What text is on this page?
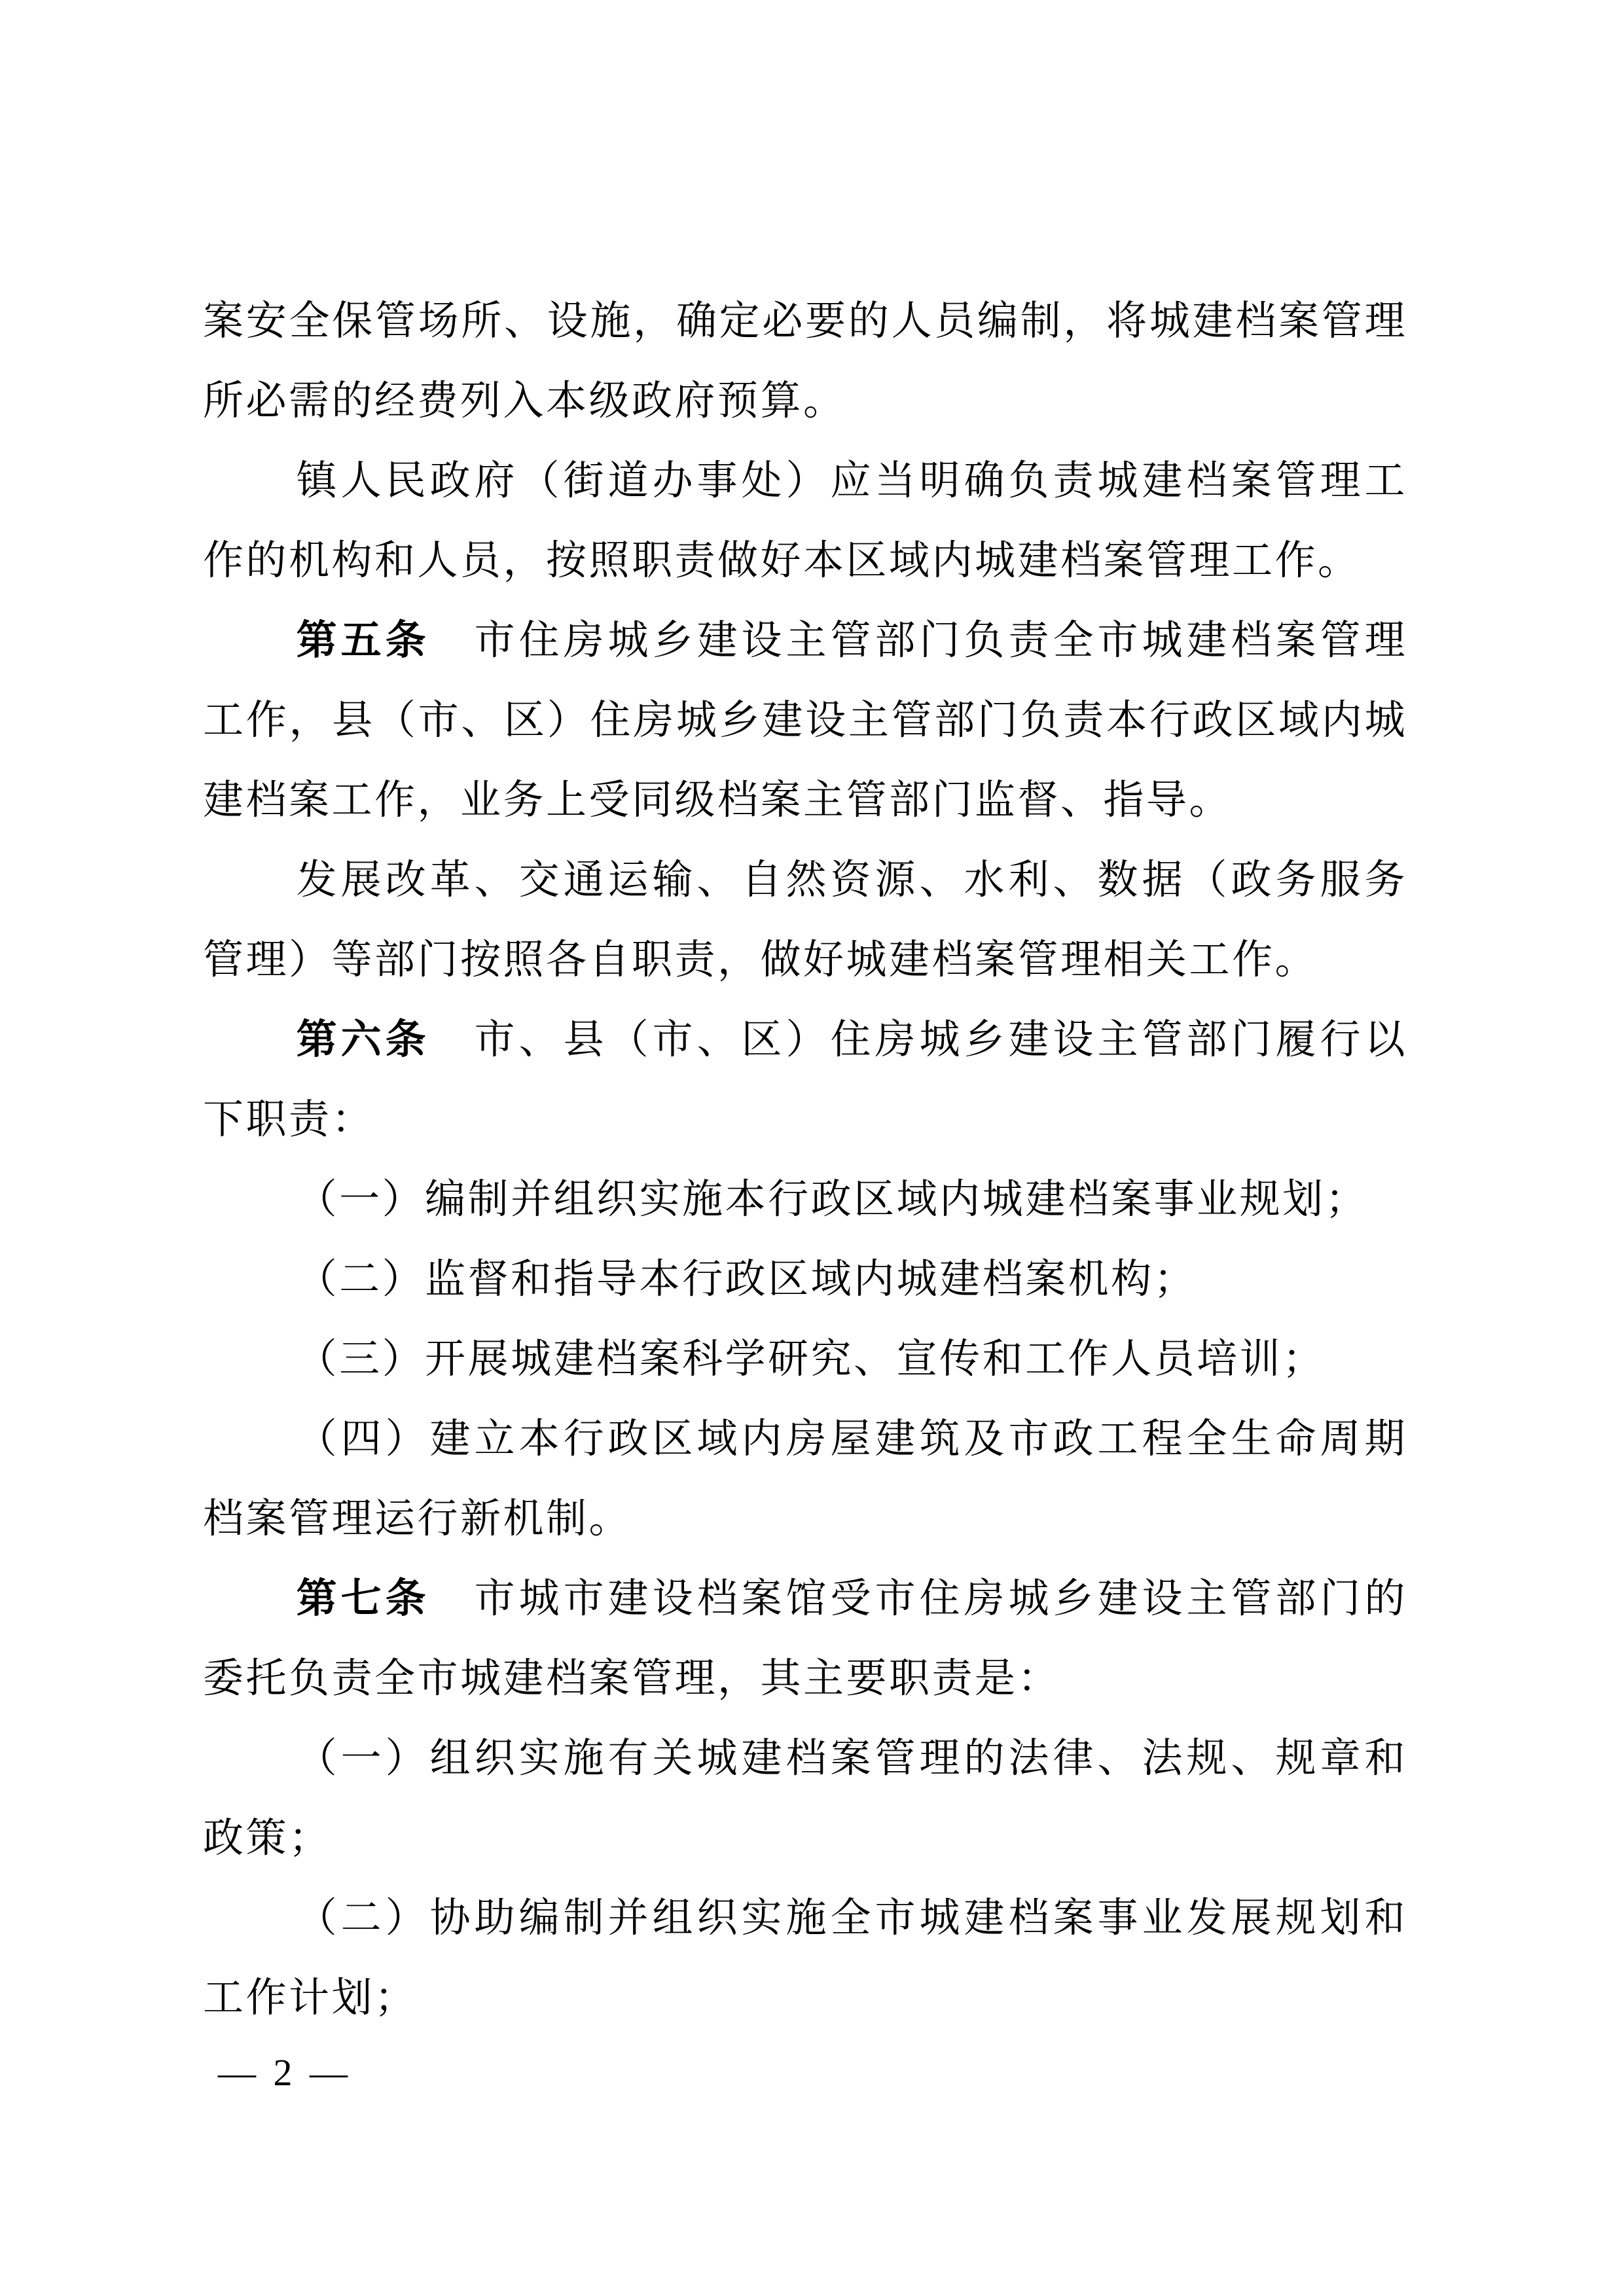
案安全保管场所、设施，确定必要的人员编制，将城建档案管理所必需的经费列入本级政府预算。

镇人民政府（街道办事处）应当明确负责城建档案管理工作的机构和人员，按照职责做好本区域内城建档案管理工作。

第五条　市住房城乡建设主管部门负责全市城建档案管理工作，县（市、区）住房城乡建设主管部门负责本行政区域内城建档案工作，业务上受同级档案主管部门监督、指导。

发展改革、交通运输、自然资源、水利、数据（政务服务管理）等部门按照各自职责，做好城建档案管理相关工作。

第六条　市、县（市、区）住房城乡建设主管部门履行以下职责：

（一）编制并组织实施本行政区域内城建档案事业规划；

（二）监督和指导本行政区域内城建档案机构；

（三）开展城建档案科学研究、宣传和工作人员培训；

（四）建立本行政区域内房屋建筑及市政工程全生命周期档案管理运行新机制。

第七条　市城市建设档案馆受市住房城乡建设主管部门的委托负责全市城建档案管理，其主要职责是：

（一）组织实施有关城建档案管理的法律、法规、规章和政策；

（二）协助编制并组织实施全市城建档案事业发展规划和工作计划；

— 2 —
